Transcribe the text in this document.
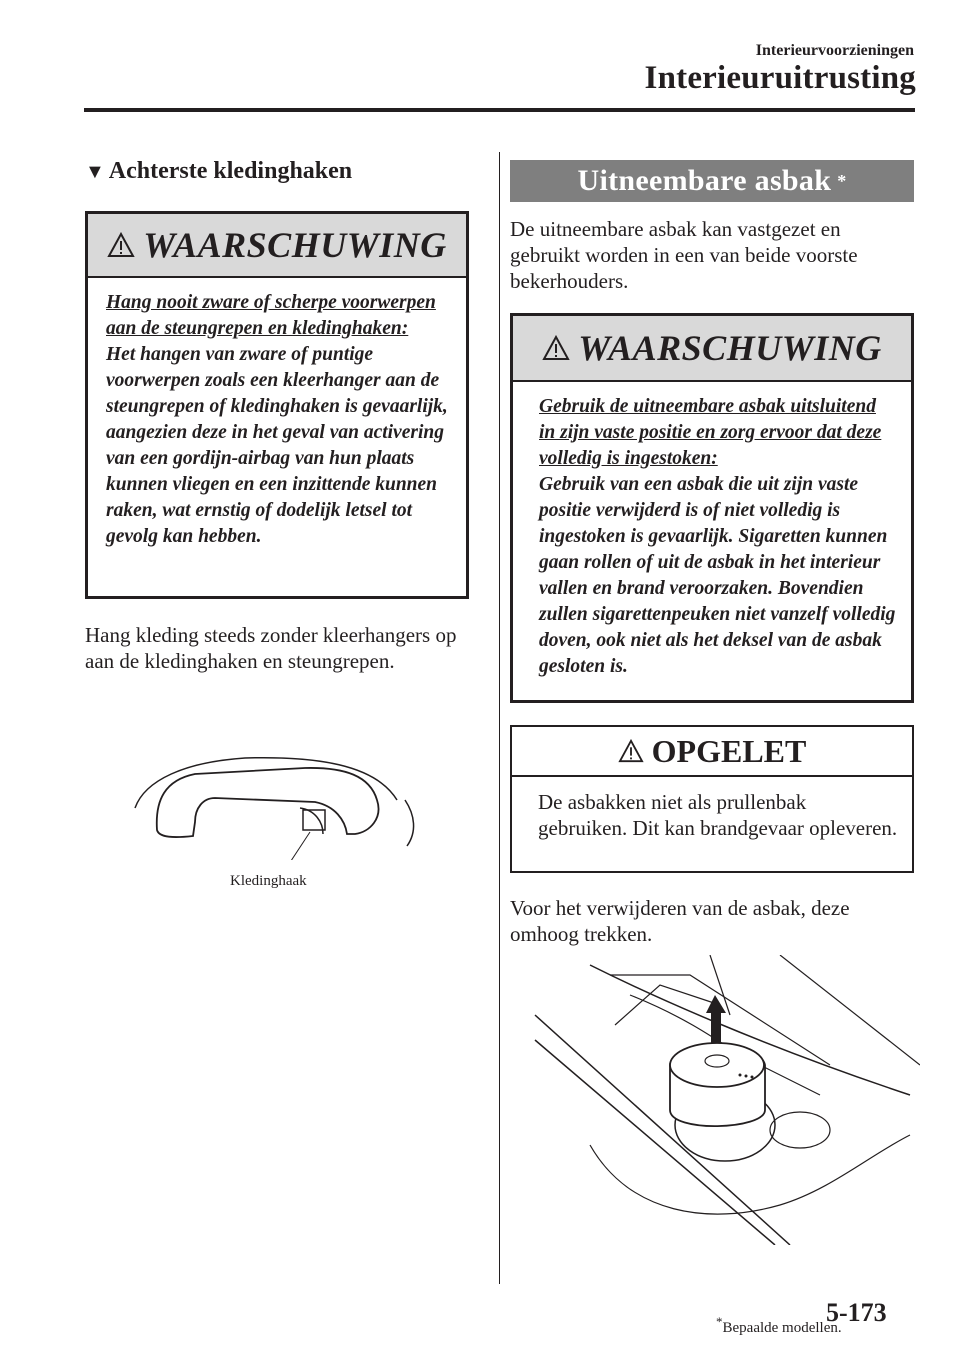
Interieurvoorzieningen
Interieuruitrusting
▼ Achterste kledinghaken
WAARSCHUWING
Hang nooit zware of scherpe voorwerpen aan de steungrepen en kledinghaken:
Het hangen van zware of puntige voorwerpen zoals een kleerhanger aan de steungrepen of kledinghaken is gevaarlijk, aangezien deze in het geval van activering van een gordijn-airbag van hun plaats kunnen vliegen en een inzittende kunnen raken, wat ernstig of dodelijk letsel tot gevolg kan hebben.
Hang kleding steeds zonder kleerhangers op aan de kledinghaken en steungrepen.
Kledinghaak
Uitneembare asbak *
De uitneembare asbak kan vastgezet en gebruikt worden in een van beide voorste bekerhouders.
WAARSCHUWING
Gebruik de uitneembare asbak uitsluitend in zijn vaste positie en zorg ervoor dat deze volledig is ingestoken:
Gebruik van een asbak die uit zijn vaste positie verwijderd is of niet volledig is ingestoken is gevaarlijk. Sigaretten kunnen gaan rollen of uit de asbak in het interieur vallen en brand veroorzaken. Bovendien zullen sigarettenpeuken niet vanzelf volledig doven, ook niet als het deksel van de asbak gesloten is.
OPGELET
De asbakken niet als prullenbak gebruiken. Dit kan brandgevaar opleveren.
Voor het verwijderen van de asbak, deze omhoog trekken.
*Bepaalde modellen.
5-173
